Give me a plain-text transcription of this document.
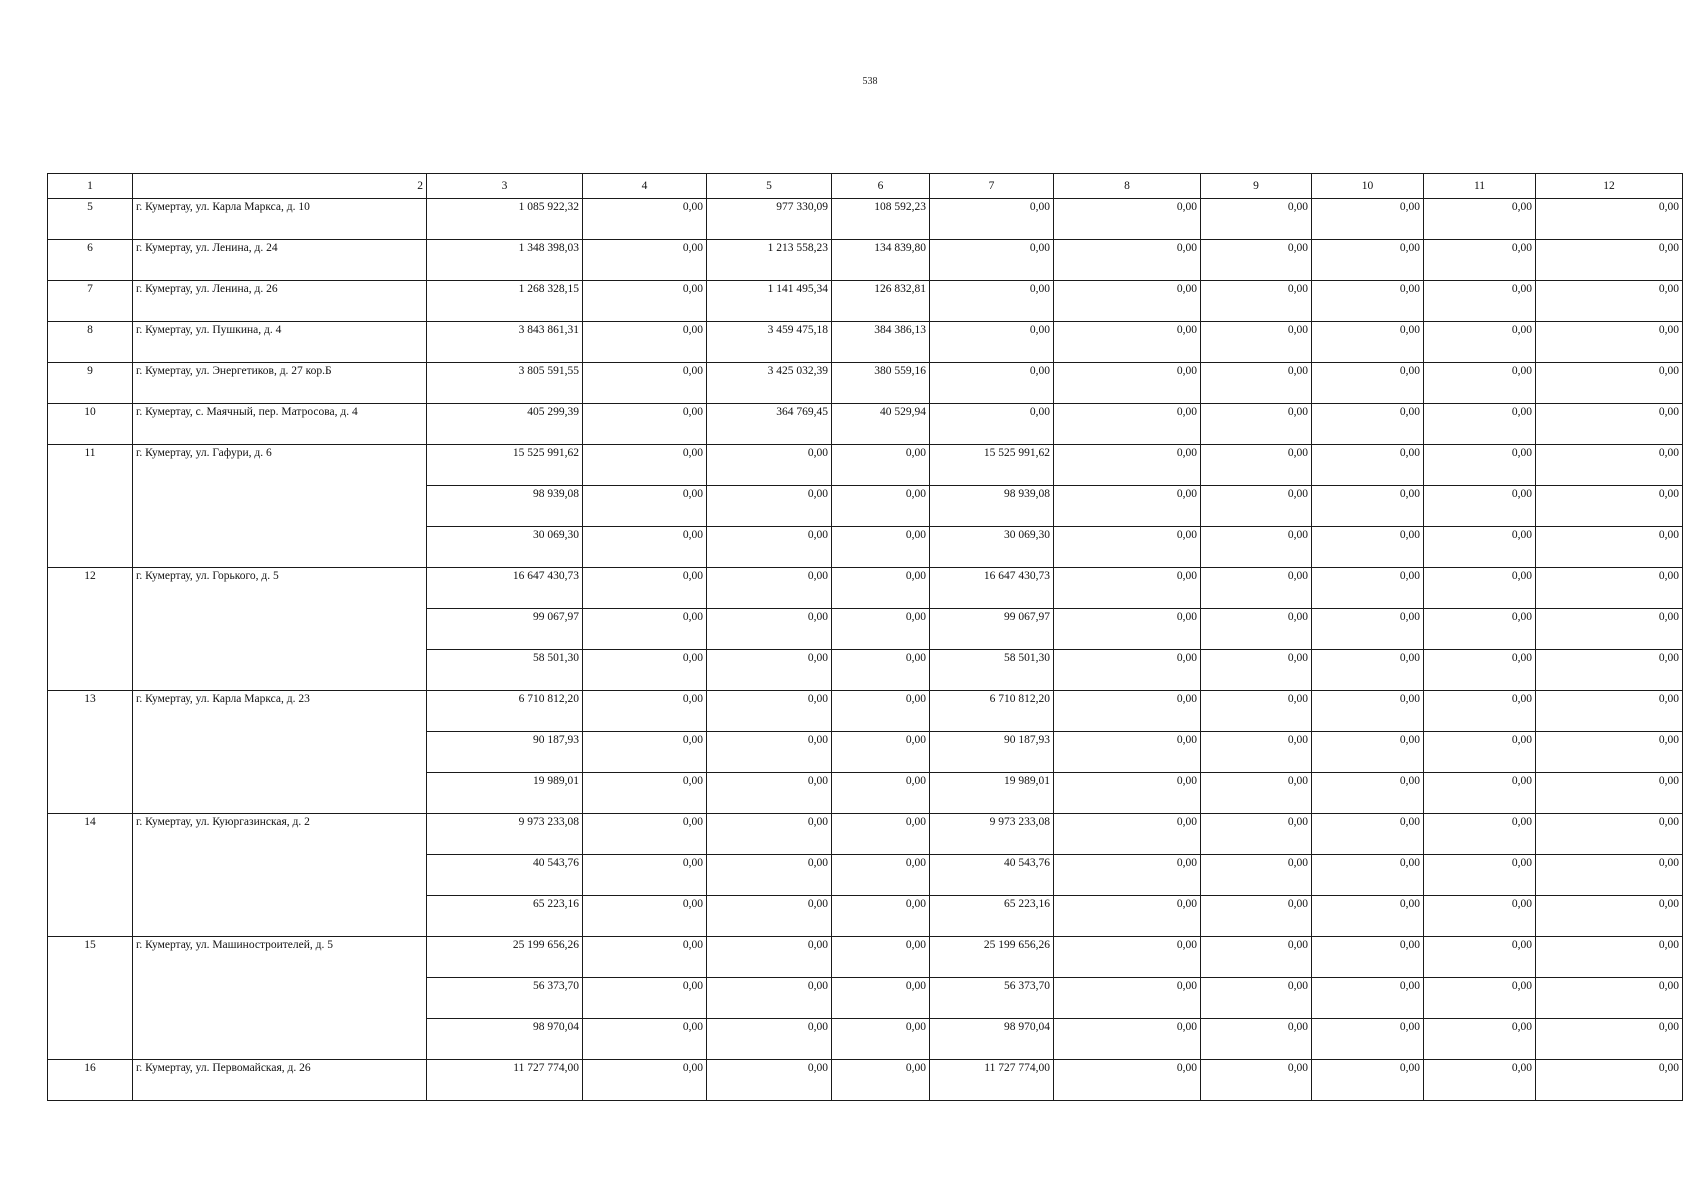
538
1	2	3	4	5	6	7	8	9	10	11	12
5	г. Кумертау, ул. Карла Маркса, д. 10	1 085 922,32	0,00	977 330,09	108 592,23	0,00	0,00	0,00	0,00	0,00	0,00
6	г. Кумертау, ул. Ленина, д. 24	1 348 398,03	0,00	1 213 558,23	134 839,80	0,00	0,00	0,00	0,00	0,00	0,00
7	г. Кумертау, ул. Ленина, д. 26	1 268 328,15	0,00	1 141 495,34	126 832,81	0,00	0,00	0,00	0,00	0,00	0,00
8	г. Кумертау, ул. Пушкина, д. 4	3 843 861,31	0,00	3 459 475,18	384 386,13	0,00	0,00	0,00	0,00	0,00	0,00
9	г. Кумертау, ул. Энергетиков, д. 27 кор.Б	3 805 591,55	0,00	3 425 032,39	380 559,16	0,00	0,00	0,00	0,00	0,00	0,00
10	г. Кумертау, с. Маячный, пер. Матросова, д. 4	405 299,39	0,00	364 769,45	40 529,94	0,00	0,00	0,00	0,00	0,00	0,00
11	г. Кумертау, ул. Гафури, д. 6	15 525 991,62	0,00	0,00	0,00	15 525 991,62	0,00	0,00	0,00	0,00	0,00
		98 939,08	0,00	0,00	0,00	98 939,08	0,00	0,00	0,00	0,00	0,00
		30 069,30	0,00	0,00	0,00	30 069,30	0,00	0,00	0,00	0,00	0,00
12	г. Кумертау, ул. Горького, д. 5	16 647 430,73	0,00	0,00	0,00	16 647 430,73	0,00	0,00	0,00	0,00	0,00
		99 067,97	0,00	0,00	0,00	99 067,97	0,00	0,00	0,00	0,00	0,00
		58 501,30	0,00	0,00	0,00	58 501,30	0,00	0,00	0,00	0,00	0,00
13	г. Кумертау, ул. Карла Маркса, д. 23	6 710 812,20	0,00	0,00	0,00	6 710 812,20	0,00	0,00	0,00	0,00	0,00
		90 187,93	0,00	0,00	0,00	90 187,93	0,00	0,00	0,00	0,00	0,00
		19 989,01	0,00	0,00	0,00	19 989,01	0,00	0,00	0,00	0,00	0,00
14	г. Кумертау, ул. Куюргазинская, д. 2	9 973 233,08	0,00	0,00	0,00	9 973 233,08	0,00	0,00	0,00	0,00	0,00
		40 543,76	0,00	0,00	0,00	40 543,76	0,00	0,00	0,00	0,00	0,00
		65 223,16	0,00	0,00	0,00	65 223,16	0,00	0,00	0,00	0,00	0,00
15	г. Кумертау, ул. Машиностроителей, д. 5	25 199 656,26	0,00	0,00	0,00	25 199 656,26	0,00	0,00	0,00	0,00	0,00
		56 373,70	0,00	0,00	0,00	56 373,70	0,00	0,00	0,00	0,00	0,00
		98 970,04	0,00	0,00	0,00	98 970,04	0,00	0,00	0,00	0,00	0,00
16	г. Кумертау, ул. Первомайская, д. 26	11 727 774,00	0,00	0,00	0,00	11 727 774,00	0,00	0,00	0,00	0,00	0,00
